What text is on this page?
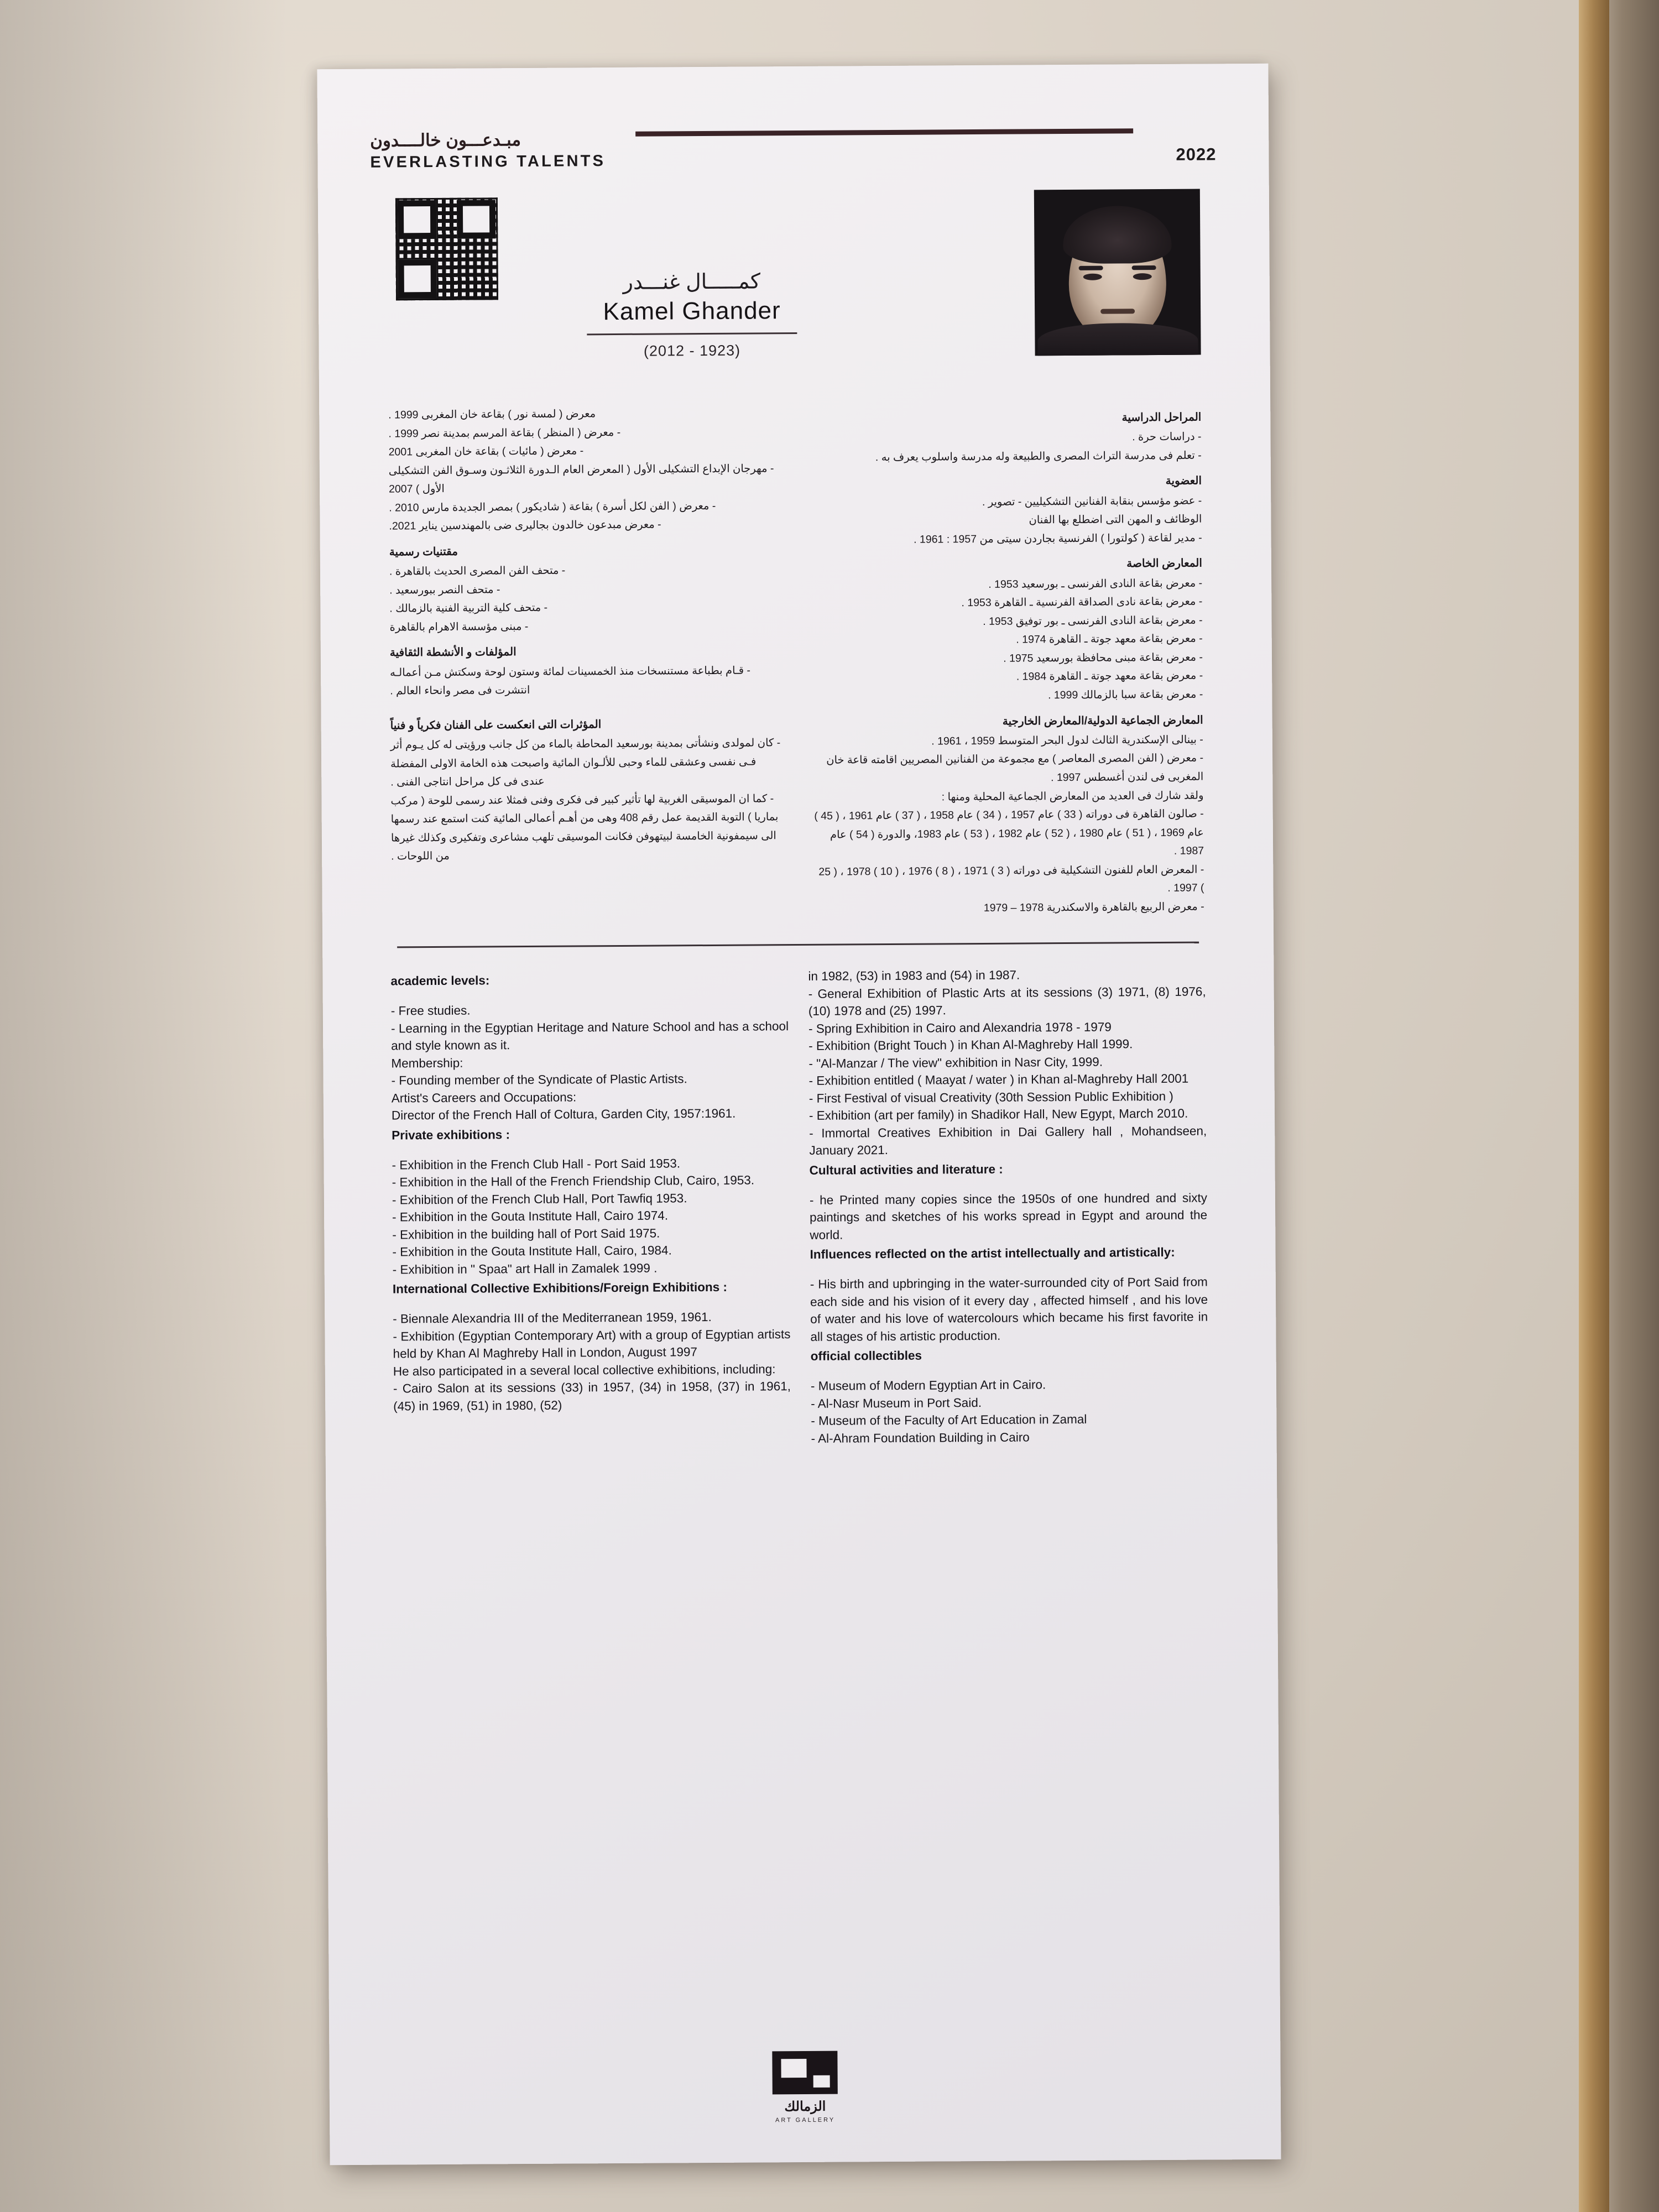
مبـدعـــون خالــــدون
EVERLASTING TALENTS	2022
كمـــــال غنـــدر
Kamel Ghander
(2012 - 1923)

المراحل الدراسية

- دراسات حرة .

- تعلم فى مدرسة التراث المصرى والطبيعة وله مدرسة واسلوب يعرف به .

العضوية

- عضو مؤسس بنقابة الفنانين التشكيليين - تصوير .

الوظائف و المهن التى اضطلع بها الفنان

- مدير لقاعة ( كولتورا ) الفرنسية بجاردن سيتى من 1957 : 1961 .

المعارض الخاصة

- معرض بقاعة النادى الفرنسى ـ بورسعيد 1953 .

- معرض بقاعة نادى الصداقة الفرنسية ـ القاهرة 1953 .

- معرض بقاعة النادى الفرنسى ـ بور توفيق 1953 .

- معرض بقاعة معهد جوتة ـ القاهرة 1974 .

- معرض بقاعة مبنى محافظة بورسعيد 1975 .

- معرض بقاعة معهد جوتة ـ القاهرة 1984 .

- معرض بقاعة سبا بالزمالك 1999 .

المعارض الجماعية الدولية/المعارض الخارجية

- بينالى الإسكندرية الثالث لدول البحر المتوسط 1959 ، 1961 .

- معرض ( الفن المصرى المعاصر ) مع مجموعة من الفنانين المصريين اقامته قاعة خان المغربى فى لندن أغسطس 1997 .

ولقد شارك فى العديد من المعارض الجماعية المحلية ومنها :

- صالون القاهرة فى دوراته ( 33 ) عام 1957 ، ( 34 ) عام 1958 ، ( 37 ) عام 1961 ، ( 45 ) عام 1969 ، ( 51 ) عام 1980 ، ( 52 ) عام 1982 ، ( 53 ) عام 1983، والدورة ( 54 ) عام 1987 .

- المعرض العام للفنون التشكيلية فى دوراته ( 3 ) 1971 ، ( 8 ) 1976 ، ( 10 ) 1978 ، ( 25 ) 1997 .

- معرض الربيع بالقاهرة والاسكندرية 1978 – 1979

معرض ( لمسة نور ) بقاعة خان المغربى 1999 .

- معرض ( المنظر ) بقاعة المرسم بمدينة نصر 1999 .

- معرض ( مائيات ) بقاعة خان المغربى 2001

- مهرجان الإبداع التشكيلى الأول ( المعرض العام الـدورة الثلاثـون وسـوق الفن التشكيلى الأول ) 2007

- معرض ( الفن لكل أسرة ) بقاعة ( شاديكور ) بمصر الجديدة مارس 2010 .

- معرض مبدعون خالدون بجاليرى ضى بالمهندسين يناير 2021.

مقتنيات رسمية

- متحف الفن المصرى الحديث بالقاهرة .

- متحف النصر ببورسعيد .

- متحف كلية التربية الفنية بالزمالك .

- مبنى مؤسسة الاهرام بالقاهرة

المؤلفات و الأنشطة الثقافية

- قـام بطباعة مستنسخات منذ الخمسينات لمائة وستون لوحة وسكتش مـن أعمالـه انتشرت فى مصر وانحاء العالم .

المؤثرات التى انعكست على الفنان فكرياً و فنياً

- كان لمولدى ونشأتى بمدينة بورسعيد المحاطة بالماء من كل جانب ورؤيتى له كل يـوم أثر فـى نفسى وعشقى للماء وحبى للألـوان المائية واصبحت هذه الخامة الاولى المفضلة عندى فى كل مراحل انتاجى الفنى .

- كما ان الموسيقى الغربية لها تأثير كبير فى فكرى وفنى فمثلا عند رسمى للوحة ( مركب بماريا ) التوبة القديمة عمل رقم 408 وهى من أهـم أعمالى المائية كنت استمع عند رسمها الى سيمفونية الخامسة لبيتهوفن فكانت الموسيقى تلهب مشاعرى وتفكيرى وكذلك غيرها من اللوحات .

academic levels:

- Free studies.

- Learning in the Egyptian Heritage and Nature School and has a school and style known as it.

Membership:

- Founding member of the Syndicate of Plastic Artists.

Artist's Careers and Occupations:

Director of the French Hall of Coltura, Garden City, 1957:1961.

Private exhibitions :

- Exhibition in the French Club Hall - Port Said 1953.

- Exhibition in the Hall of the French Friendship Club, Cairo, 1953.

- Exhibition of the French Club Hall, Port Tawfiq 1953.

- Exhibition in the Gouta Institute Hall, Cairo 1974.

- Exhibition in the building hall of Port Said 1975.

- Exhibition in the Gouta Institute Hall, Cairo, 1984.

- Exhibition in " Spaa" art Hall in Zamalek 1999 .

International Collective Exhibitions/Foreign Exhibitions :

- Biennale Alexandria III of the Mediterranean 1959, 1961.

- Exhibition (Egyptian Contemporary Art) with a group of Egyptian artists held by Khan Al Maghreby Hall in London, August 1997

He also participated in a several local collective exhibitions, including:

- Cairo Salon at its sessions (33) in 1957, (34) in 1958, (37) in 1961, (45) in 1969, (51) in 1980, (52)

in 1982, (53) in 1983 and (54) in 1987.

- General Exhibition of Plastic Arts at its sessions (3) 1971, (8) 1976, (10) 1978 and (25) 1997.

- Spring Exhibition in Cairo and Alexandria 1978 - 1979

- Exhibition (Bright Touch ) in Khan Al-Maghreby Hall 1999.

- "Al-Manzar / The view" exhibition in Nasr City, 1999.

- Exhibition entitled ( Maayat / water ) in Khan al-Maghreby Hall 2001

- First Festival of visual Creativity (30th Session Public Exhibition )

- Exhibition (art per family) in Shadikor Hall, New Egypt, March 2010.

- Immortal Creatives Exhibition in Dai Gallery hall , Mohandseen, January 2021.

Cultural activities and literature :

- he Printed many copies since the 1950s of one hundred and sixty paintings and sketches of his works spread in Egypt and around the world.

Influences reflected on the artist intellectually and artistically:

- His birth and upbringing in the water-surrounded city of Port Said from each side and his vision of it every day , affected himself , and his love of water and his love of watercolours which became his first favorite in all stages of his artistic production.

official collectibles

- Museum of Modern Egyptian Art in Cairo.

- Al-Nasr Museum in Port Said.

- Museum of the Faculty of Art Education in Zamal

- Al-Ahram Foundation Building in Cairo

الزمالك
ART GALLERY
